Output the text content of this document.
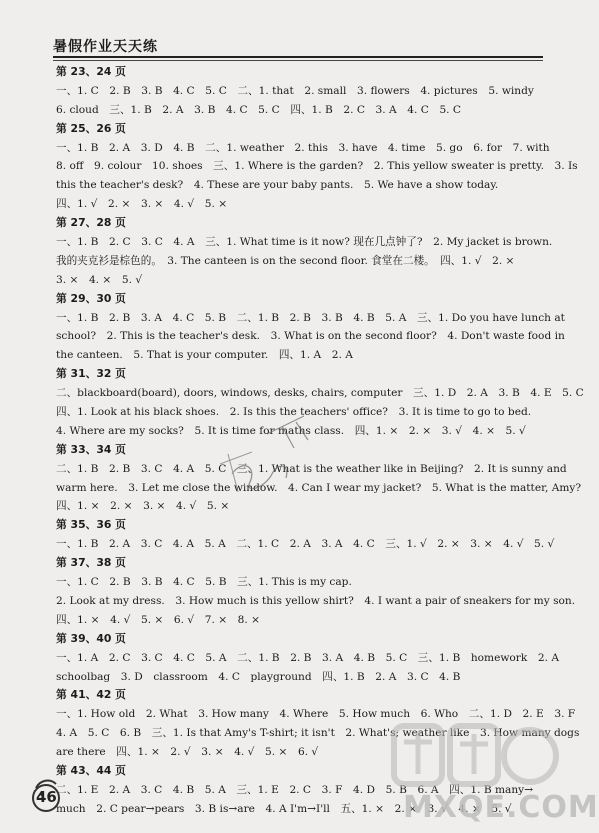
暑假作业天天练
第 23、24 页
一、1. C　2. B　3. B　4. C　5. C　二、1. that　2. small　3. flowers　4. pictures　5. windy
6. cloud　三、1. B　2. A　3. B　4. C　5. C　四、1. B　2. C　3. A　4. C　5. C
第 25、26 页
一、1. B　2. A　3. D　4. B　二、1. weather　2. this　3. have　4. time　5. go　6. for　7. with
8. off　9. colour　10. shoes　三、1. Where is the garden?　2. This yellow sweater is pretty.　3. Is
this the teacher's desk?　4. These are your baby pants.　5. We have a show today.
四、1. √　2. ×　3. ×　4. √　5. ×
第 27、28 页
一、1. B　2. C　3. C　4. A　三、1. What time is it now? 现在几点钟了?　2. My jacket is brown.
我的夹克衫是棕色的。　3. The canteen is on the second floor. 食堂在二楼。　四、1. √　2. ×
3. ×　4. ×　5. √
第 29、30 页
一、1. B　2. B　3. A　4. C　5. B　二、1. B　2. B　3. B　4. B　5. A　三、1. Do you have lunch at
school?　2. This is the teacher's desk.　3. What is on the second floor?　4. Don't waste food in
the canteen.　5. That is your computer.　四、1. A　2. A
第 31、32 页
二、blackboard(board), doors, windows, desks, chairs, computer　三、1. D　2. A　3. B　4. E　5. C
四、1. Look at his black shoes.　2. Is this the teachers' office?　3. It is time to go to bed.
4. Where are my socks?　5. It is time for maths class.　四、1. ×　2. ×　3. √　4. ×　5. √
第 33、34 页
二、1. B　2. B　3. C　4. A　5. C　三、1. What is the weather like in Beijing?　2. It is sunny and
warm here.　3. Let me close the window.　4. Can I wear my jacket?　5. What is the matter, Amy?
四、1. ×　2. ×　3. ×　4. √　5. ×
第 35、36 页
一、1. B　2. A　3. C　4. A　5. A　二、1. C　2. A　3. A　4. C　三、1. √　2. ×　3. ×　4. √　5. √
第 37、38 页
一、1. C　2. B　3. B　4. C　5. B　三、1. This is my cap.
2. Look at my dress.　3. How much is this yellow shirt?　4. I want a pair of sneakers for my son.
四、1. ×　4. √　5. ×　6. √　7. ×　8. ×
第 39、40 页
一、1. A　2. C　3. C　4. C　5. A　二、1. B　2. B　3. A　4. B　5. C　三、1. B　homework　2. A
schoolbag　3. D　classroom　4. C　playground　四、1. B　2. A　3. C　4. B
第 41、42 页
一、1. How old　2. What　3. How many　4. Where　5. How much　6. Who　二、1. D　2. E　3. F
4. A　5. C　6. B　三、1. Is that Amy's T-shirt; it isn't　2. What's; weather like　3. How many dogs
are there　四、1. ×　2. √　3. ×　4. √　5. ×　6. √
第 43、44 页
二、1. E　2. A　3. C　4. B　5. A　三、1. E　2. C　3. F　4. D　5. B　6. A　四、1. B many→
much　2. C pear→pears　3. B is→are　4. A I'm→I'll　五、1. ×　2. ×　3. √　4. ×　5. √
46	MXQE.COM
